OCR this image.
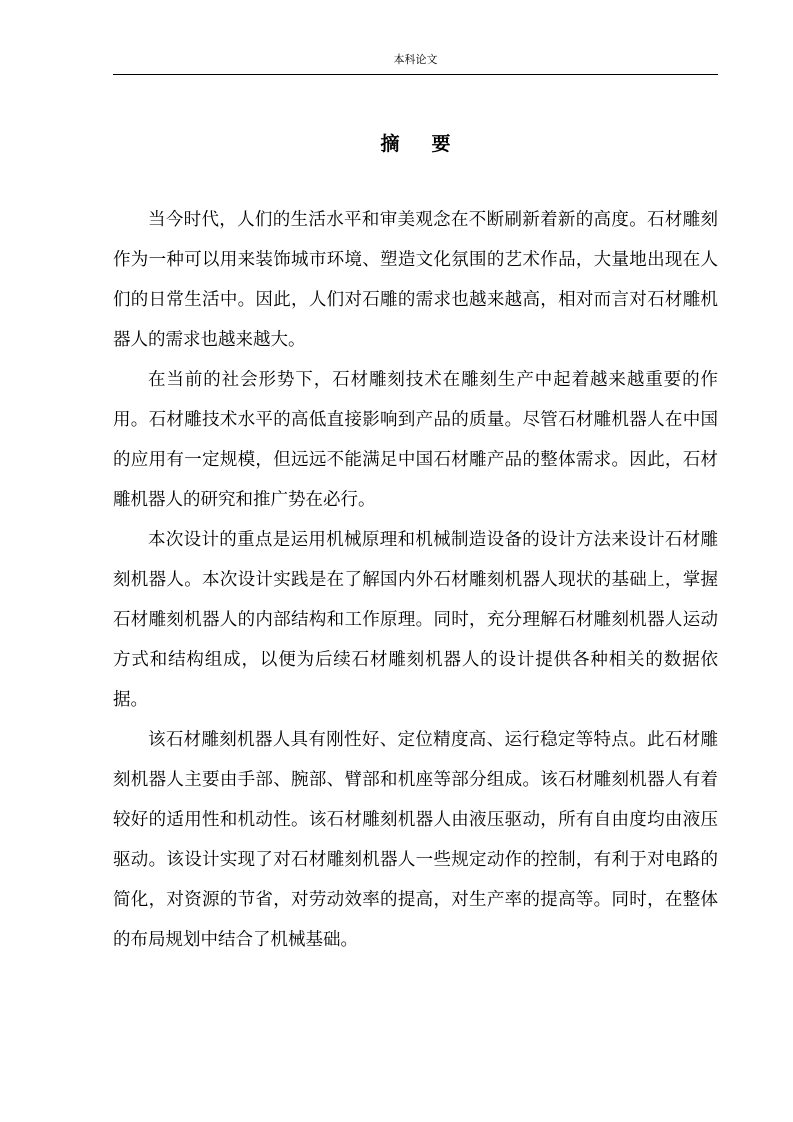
本科论文
摘要

当今时代，人们的生活水平和审美观念在不断刷新着新的高度。石材雕刻作为一种可以用来装饰城市环境、塑造文化氛围的艺术作品，大量地出现在人们的日常生活中。因此，人们对石雕的需求也越来越高，相对而言对石材雕机器人的需求也越来越大。

在当前的社会形势下，石材雕刻技术在雕刻生产中起着越来越重要的作用。石材雕技术水平的高低直接影响到产品的质量。尽管石材雕机器人在中国的应用有一定规模，但远远不能满足中国石材雕产品的整体需求。因此，石材雕机器人的研究和推广势在必行。

本次设计的重点是运用机械原理和机械制造设备的设计方法来设计石材雕刻机器人。本次设计实践是在了解国内外石材雕刻机器人现状的基础上，掌握石材雕刻机器人的内部结构和工作原理。同时，充分理解石材雕刻机器人运动方式和结构组成，以便为后续石材雕刻机器人的设计提供各种相关的数据依据。

该石材雕刻机器人具有刚性好、定位精度高、运行稳定等特点。此石材雕刻机器人主要由手部、腕部、臂部和机座等部分组成。该石材雕刻机器人有着较好的适用性和机动性。该石材雕刻机器人由液压驱动，所有自由度均由液压驱动。该设计实现了对石材雕刻机器人一些规定动作的控制，有利于对电路的简化，对资源的节省，对劳动效率的提高，对生产率的提高等。同时，在整体的布局规划中结合了机械基础。
